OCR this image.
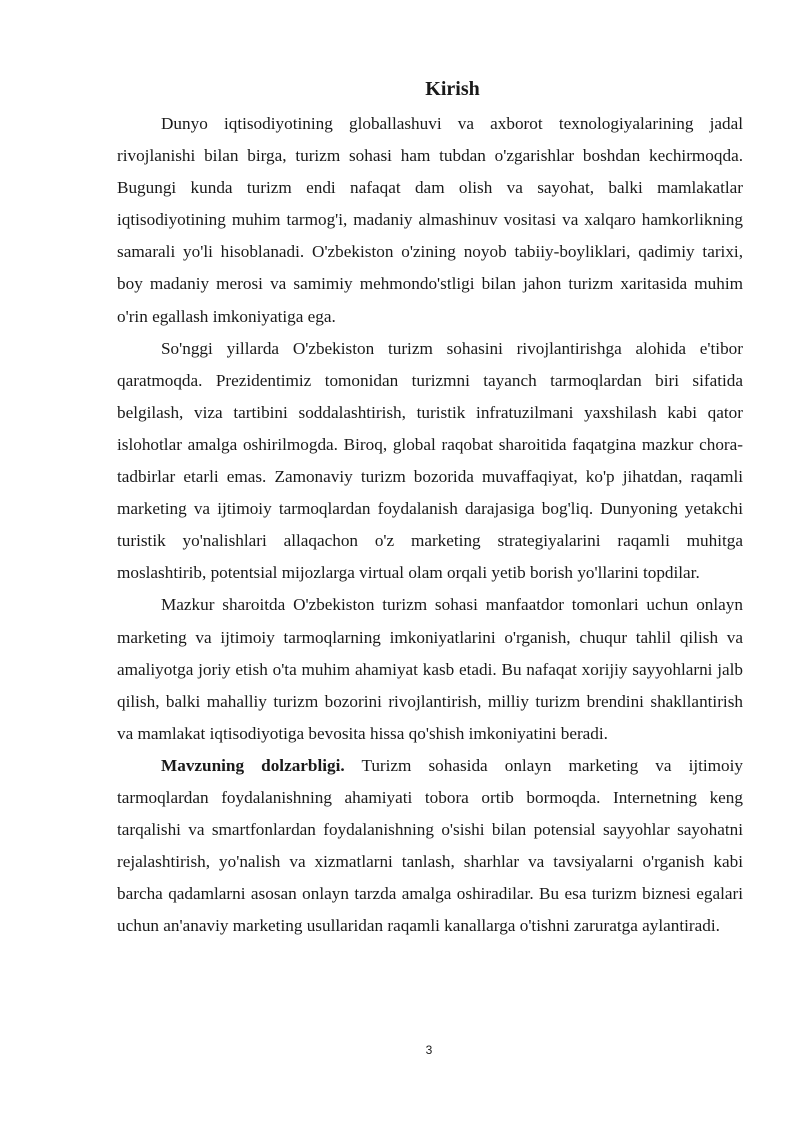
Kirish

Dunyo iqtisodiyotining globallashuvi va axborot texnologiyalarining jadal rivojlanishi bilan birga, turizm sohasi ham tubdan o'zgarishlar boshdan kechirmoqda. Bugungi kunda turizm endi nafaqat dam olish va sayohat, balki mamlakatlar iqtisodiyotining muhim tarmog'i, madaniy almashinuv vositasi va xalqaro hamkorlikning samarali yo'li hisoblanadi. O'zbekiston o'zining noyob tabiiy-boyliklari, qadimiy tarixi, boy madaniy merosi va samimiy mehmondo'stligi bilan jahon turizm xaritasida muhim o'rin egallash imkoniyatiga ega.

So'nggi yillarda O'zbekiston turizm sohasini rivojlantirishga alohida e'tibor qaratmoqda. Prezidentimiz tomonidan turizmni tayanch tarmoqlardan biri sifatida belgilash, viza tartibini soddalashtirish, turistik infratuzilmani yaxshilash kabi qator islohotlar amalga oshirilmogda. Biroq, global raqobat sharoitida faqatgina mazkur chora-tadbirlar etarli emas. Zamonaviy turizm bozorida muvaffaqiyat, ko'p jihatdan, raqamli marketing va ijtimoiy tarmoqlardan foydalanish darajasiga bog'liq. Dunyoning yetakchi turistik yo'nalishlari allaqachon o'z marketing strategiyalarini raqamli muhitga moslashtirib, potentsial mijozlarga virtual olam orqali yetib borish yo'llarini topdilar.

Mazkur sharoitda O'zbekiston turizm sohasi manfaatdor tomonlari uchun onlayn marketing va ijtimoiy tarmoqlarning imkoniyatlarini o'rganish, chuqur tahlil qilish va amaliyotga joriy etish o'ta muhim ahamiyat kasb etadi. Bu nafaqat xorijiy sayyohlarni jalb qilish, balki mahalliy turizm bozorini rivojlantirish, milliy turizm brendini shakllantirish va mamlakat iqtisodiyotiga bevosita hissa qo'shish imkoniyatini beradi.

Mavzuning dolzarbligi. Turizm sohasida onlayn marketing va ijtimoiy tarmoqlardan foydalanishning ahamiyati tobora ortib bormoqda. Internetning keng tarqalishi va smartfonlardan foydalanishning o'sishi bilan potensial sayyohlar sayohatni rejalashtirish, yo'nalish va xizmatlarni tanlash, sharhlar va tavsiyalarni o'rganish kabi barcha qadamlarni asosan onlayn tarzda amalga oshiradilar. Bu esa turizm biznesi egalari uchun an'anaviy marketing usullaridan raqamli kanallarga o'tishni zaruratga aylantiradi.

3
